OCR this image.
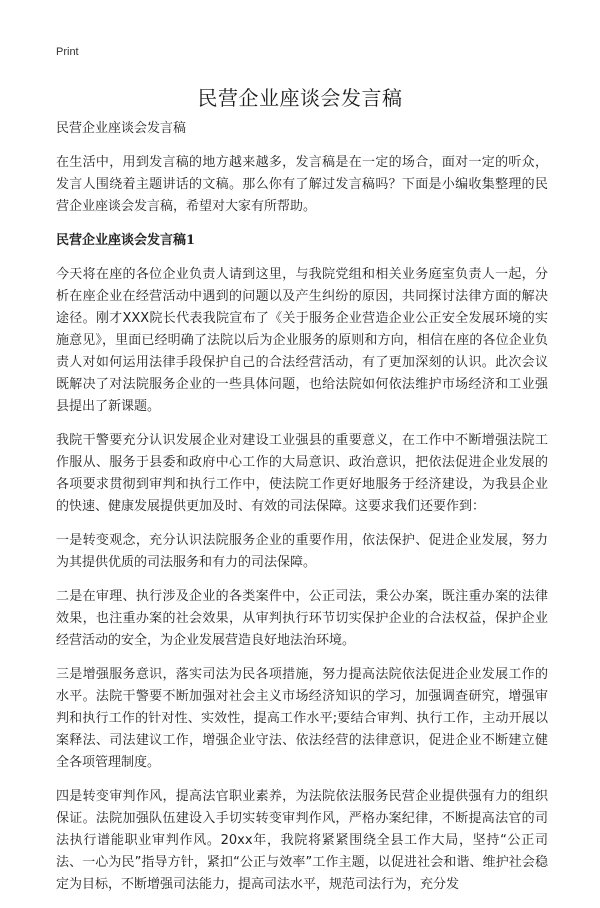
Print
民营企业座谈会发言稿

民营企业座谈会发言稿

在生活中，用到发言稿的地方越来越多，发言稿是在一定的场合，面对一定的听众，发言人围绕着主题讲话的文稿。那么你有了解过发言稿吗？下面是小编收集整理的民营企业座谈会发言稿，希望对大家有所帮助。

民营企业座谈会发言稿1

今天将在座的各位企业负责人请到这里，与我院党组和相关业务庭室负责人一起，分析在座企业在经营活动中遇到的问题以及产生纠纷的原因，共同探讨法律方面的解决途径。刚才XXX院长代表我院宣布了《关于服务企业营造企业公正安全发展环境的实施意见》，里面已经明确了法院以后为企业服务的原则和方向，相信在座的各位企业负责人对如何运用法律手段保护自己的合法经营活动，有了更加深刻的认识。此次会议既解决了对法院服务企业的一些具体问题，也给法院如何依法维护市场经济和工业强县提出了新课题。

我院干警要充分认识发展企业对建设工业强县的重要意义，在工作中不断增强法院工作服从、服务于县委和政府中心工作的大局意识、政治意识，把依法促进企业发展的各项要求贯彻到审判和执行工作中，使法院工作更好地服务于经济建设，为我县企业的快速、健康发展提供更加及时、有效的司法保障。这要求我们还要作到：

一是转变观念，充分认识法院服务企业的重要作用，依法保护、促进企业发展，努力为其提供优质的司法服务和有力的司法保障。

二是在审理、执行涉及企业的各类案件中，公正司法，秉公办案，既注重办案的法律效果，也注重办案的社会效果，从审判执行环节切实保护企业的合法权益，保护企业经营活动的安全，为企业发展营造良好地法治环境。

三是增强服务意识，落实司法为民各项措施，努力提高法院依法促进企业发展工作的水平。法院干警要不断加强对社会主义市场经济知识的学习，加强调查研究，增强审判和执行工作的针对性、实效性，提高工作水平;要结合审判、执行工作，主动开展以案释法、司法建议工作，增强企业守法、依法经营的法律意识，促进企业不断建立健全各项管理制度。

四是转变审判作风，提高法官职业素养，为法院依法服务民营企业提供强有力的组织保证。法院加强队伍建设入手切实转变审判作风，严格办案纪律，不断提高法官的司法执行谱能职业审判作风。20xx年，我院将紧紧围绕全县工作大局，坚持“公正司法、一心为民”指导方针，紧扣“公正与效率”工作主题，以促进社会和谐、维护社会稳定为目标，不断增强司法能力，提高司法水平，规范司法行为，充分发
